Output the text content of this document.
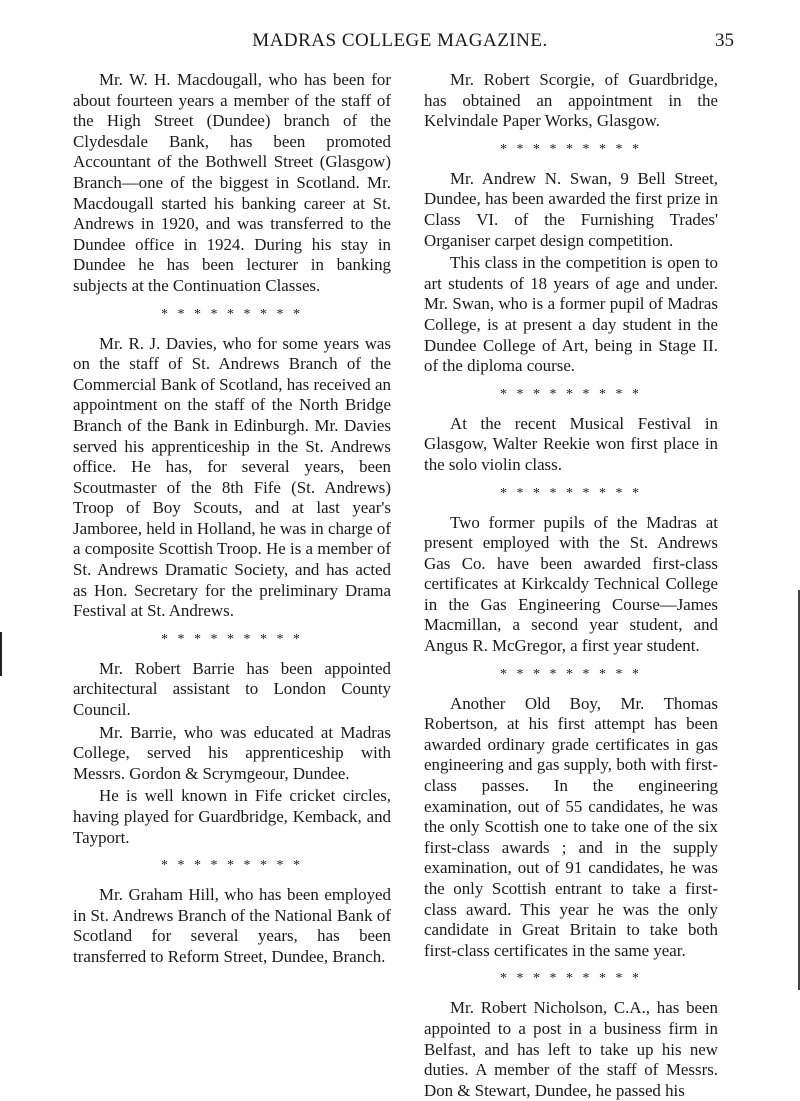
MADRAS COLLEGE MAGAZINE.	35

Mr. W. H. Macdougall, who has been for about fourteen years a member of the staff of the High Street (Dundee) branch of the Clydesdale Bank, has been promoted Accountant of the Bothwell Street (Glasgow) Branch—one of the biggest in Scotland. Mr. Macdougall started his banking career at St. Andrews in 1920, and was transferred to the Dundee office in 1924. During his stay in Dundee he has been lecturer in banking subjects at the Continuation Classes.

* * * * * * * * *

Mr. R. J. Davies, who for some years was on the staff of St. Andrews Branch of the Commercial Bank of Scotland, has received an appointment on the staff of the North Bridge Branch of the Bank in Edinburgh. Mr. Davies served his apprenticeship in the St. Andrews office. He has, for several years, been Scoutmaster of the 8th Fife (St. Andrews) Troop of Boy Scouts, and at last year's Jamboree, held in Holland, he was in charge of a composite Scottish Troop. He is a member of St. Andrews Dramatic Society, and has acted as Hon. Secretary for the preliminary Drama Festival at St. Andrews.

* * * * * * * * *

Mr. Robert Barrie has been appointed architectural assistant to London County Council.

Mr. Barrie, who was educated at Madras College, served his apprenticeship with Messrs. Gordon & Scrymgeour, Dundee.

He is well known in Fife cricket circles, having played for Guardbridge, Kemback, and Tayport.

* * * * * * * * *

Mr. Graham Hill, who has been employed in St. Andrews Branch of the National Bank of Scotland for several years, has been transferred to Reform Street, Dundee, Branch.

Mr. Robert Scorgie, of Guardbridge, has obtained an appointment in the Kelvindale Paper Works, Glasgow.

* * * * * * * * *

Mr. Andrew N. Swan, 9 Bell Street, Dundee, has been awarded the first prize in Class VI. of the Furnishing Trades' Organiser carpet design competition.

This class in the competition is open to art students of 18 years of age and under. Mr. Swan, who is a former pupil of Madras College, is at present a day student in the Dundee College of Art, being in Stage II. of the diploma course.

* * * * * * * * *

At the recent Musical Festival in Glasgow, Walter Reekie won first place in the solo violin class.

* * * * * * * * *

Two former pupils of the Madras at present employed with the St. Andrews Gas Co. have been awarded first-class certificates at Kirkcaldy Technical College in the Gas Engineering Course—James Macmillan, a second year student, and Angus R. McGregor, a first year student.

* * * * * * * * *

Another Old Boy, Mr. Thomas Robertson, at his first attempt has been awarded ordinary grade certificates in gas engineering and gas supply, both with first-class passes. In the engineering examination, out of 55 candidates, he was the only Scottish one to take one of the six first-class awards ; and in the supply examination, out of 91 candidates, he was the only Scottish entrant to take a first-class award. This year he was the only candidate in Great Britain to take both first-class certificates in the same year.

* * * * * * * * *

Mr. Robert Nicholson, C.A., has been appointed to a post in a business firm in Belfast, and has left to take up his new duties. A member of the staff of Messrs. Don & Stewart, Dundee, he passed his
